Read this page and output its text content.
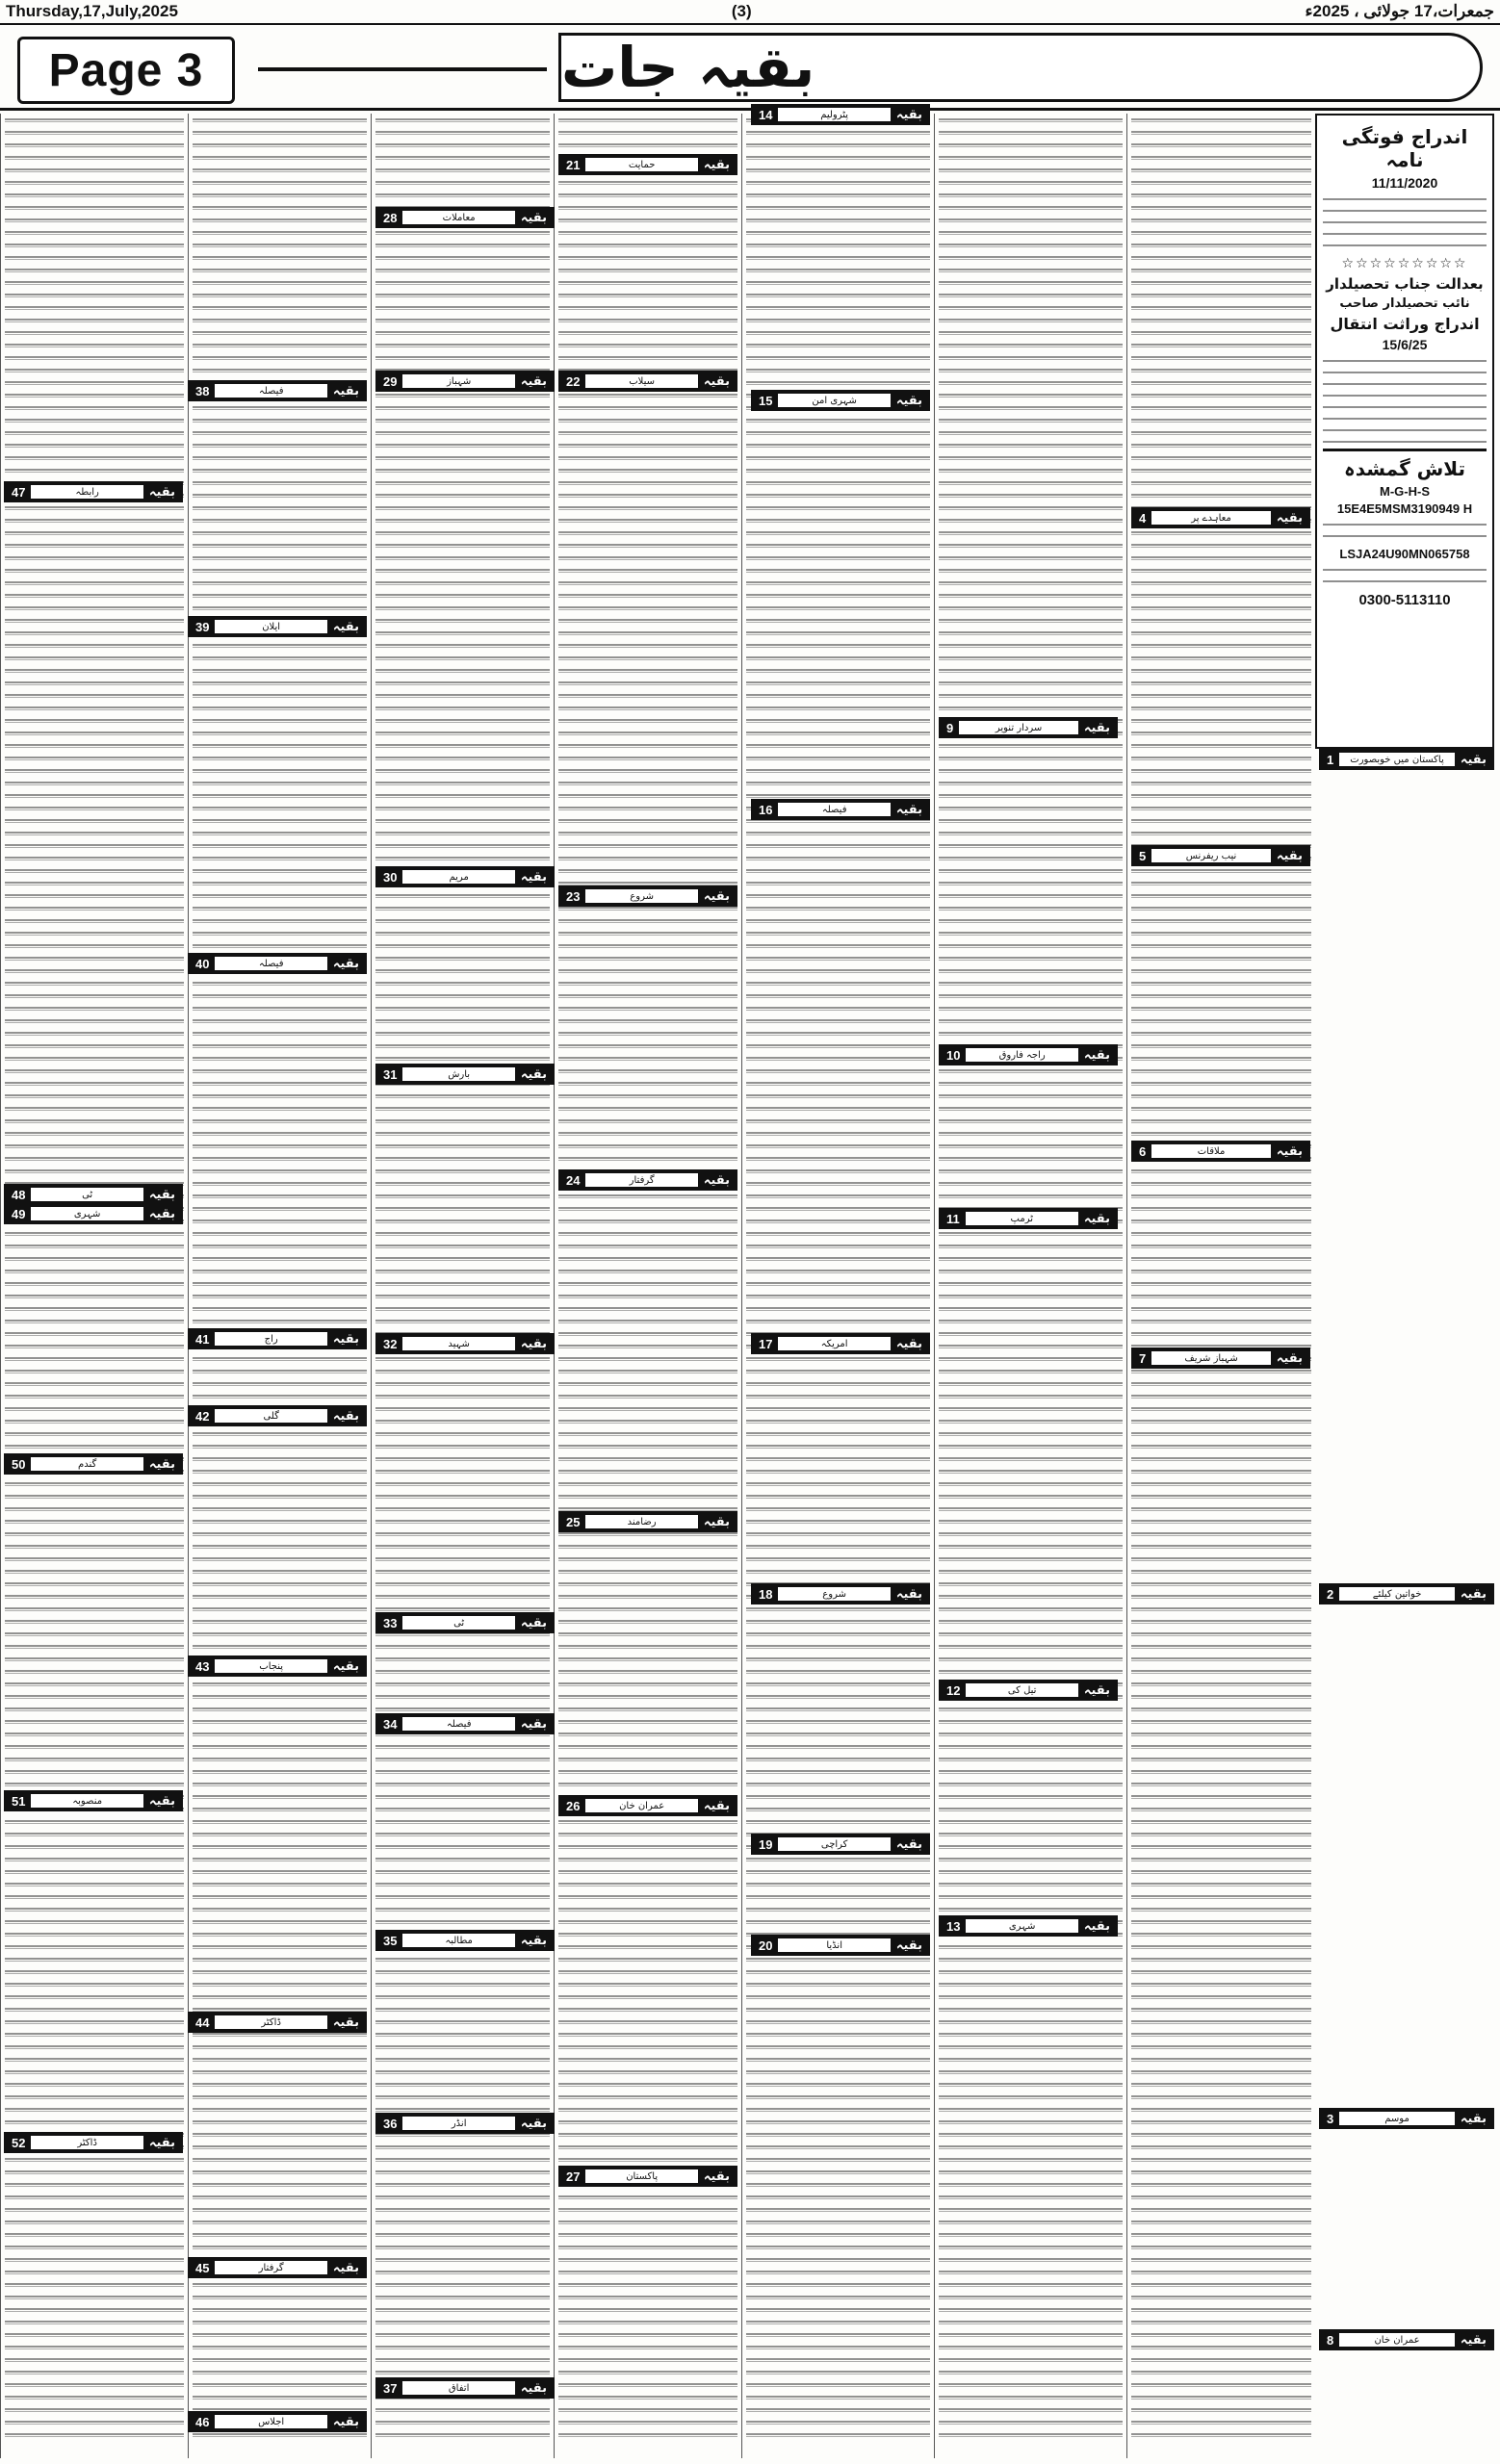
Thursday,17,July,2025	(3)	جمعرات،17 جولائی ، 2025ء
Page 3	بقیہ جات
اندراج فوتگی نامہ
11/11/2020
☆☆☆☆☆☆☆☆☆
بعدالت جناب تحصیلدار
نائب تحصیلدار صاحب
اندراج وراثت انتقال
15/6/25
تلاش گمشدہ
M-G-H-S
15E4E5MSM3190949 H
LSJA24U90MN065758
0300-5113110
1	پاکستان میں خوبصورت	بقیہ
2	خواتین کیلئے	بقیہ
3	موسم	بقیہ
4	معاہدے پر	بقیہ
5	نیب ریفرنس	بقیہ
6	ملاقات	بقیہ
7	شہباز شریف	بقیہ
8	عمران خان	بقیہ
9	سردار تنویر	بقیہ
10	راجہ فاروق	بقیہ
11	ٹرمپ	بقیہ
12	تیل کی	بقیہ
13	شہری	بقیہ
14	پٹرولیم	بقیہ
15	شہری امن	بقیہ
16	فیصلہ	بقیہ
17	امریکہ	بقیہ
18	شروع	بقیہ
19	کراچی	بقیہ
20	انڈیا	بقیہ
21	حمایت	بقیہ
22	سیلاب	بقیہ
23	شروع	بقیہ
24	گرفتار	بقیہ
25	رضامند	بقیہ
26	عمران خان	بقیہ
27	پاکستان	بقیہ
28	معاملات	بقیہ
29	شہباز	بقیہ
30	مریم	بقیہ
31	بارش	بقیہ
32	شہید	بقیہ
33	ٹی	بقیہ
34	فیصلہ	بقیہ
35	مطالبہ	بقیہ
36	انڈر	بقیہ
37	اتفاق	بقیہ
38	فیصلہ	بقیہ
39	ایلان	بقیہ
40	فیصلہ	بقیہ
41	راج	بقیہ
42	گلی	بقیہ
43	پنجاب	بقیہ
44	ڈاکٹر	بقیہ
45	گرفتار	بقیہ
46	اجلاس	بقیہ
47	رابطہ	بقیہ
48	ٹی	بقیہ
49	شہری	بقیہ
50	گندم	بقیہ
51	منصوبہ	بقیہ
52	ڈاکٹر	بقیہ
